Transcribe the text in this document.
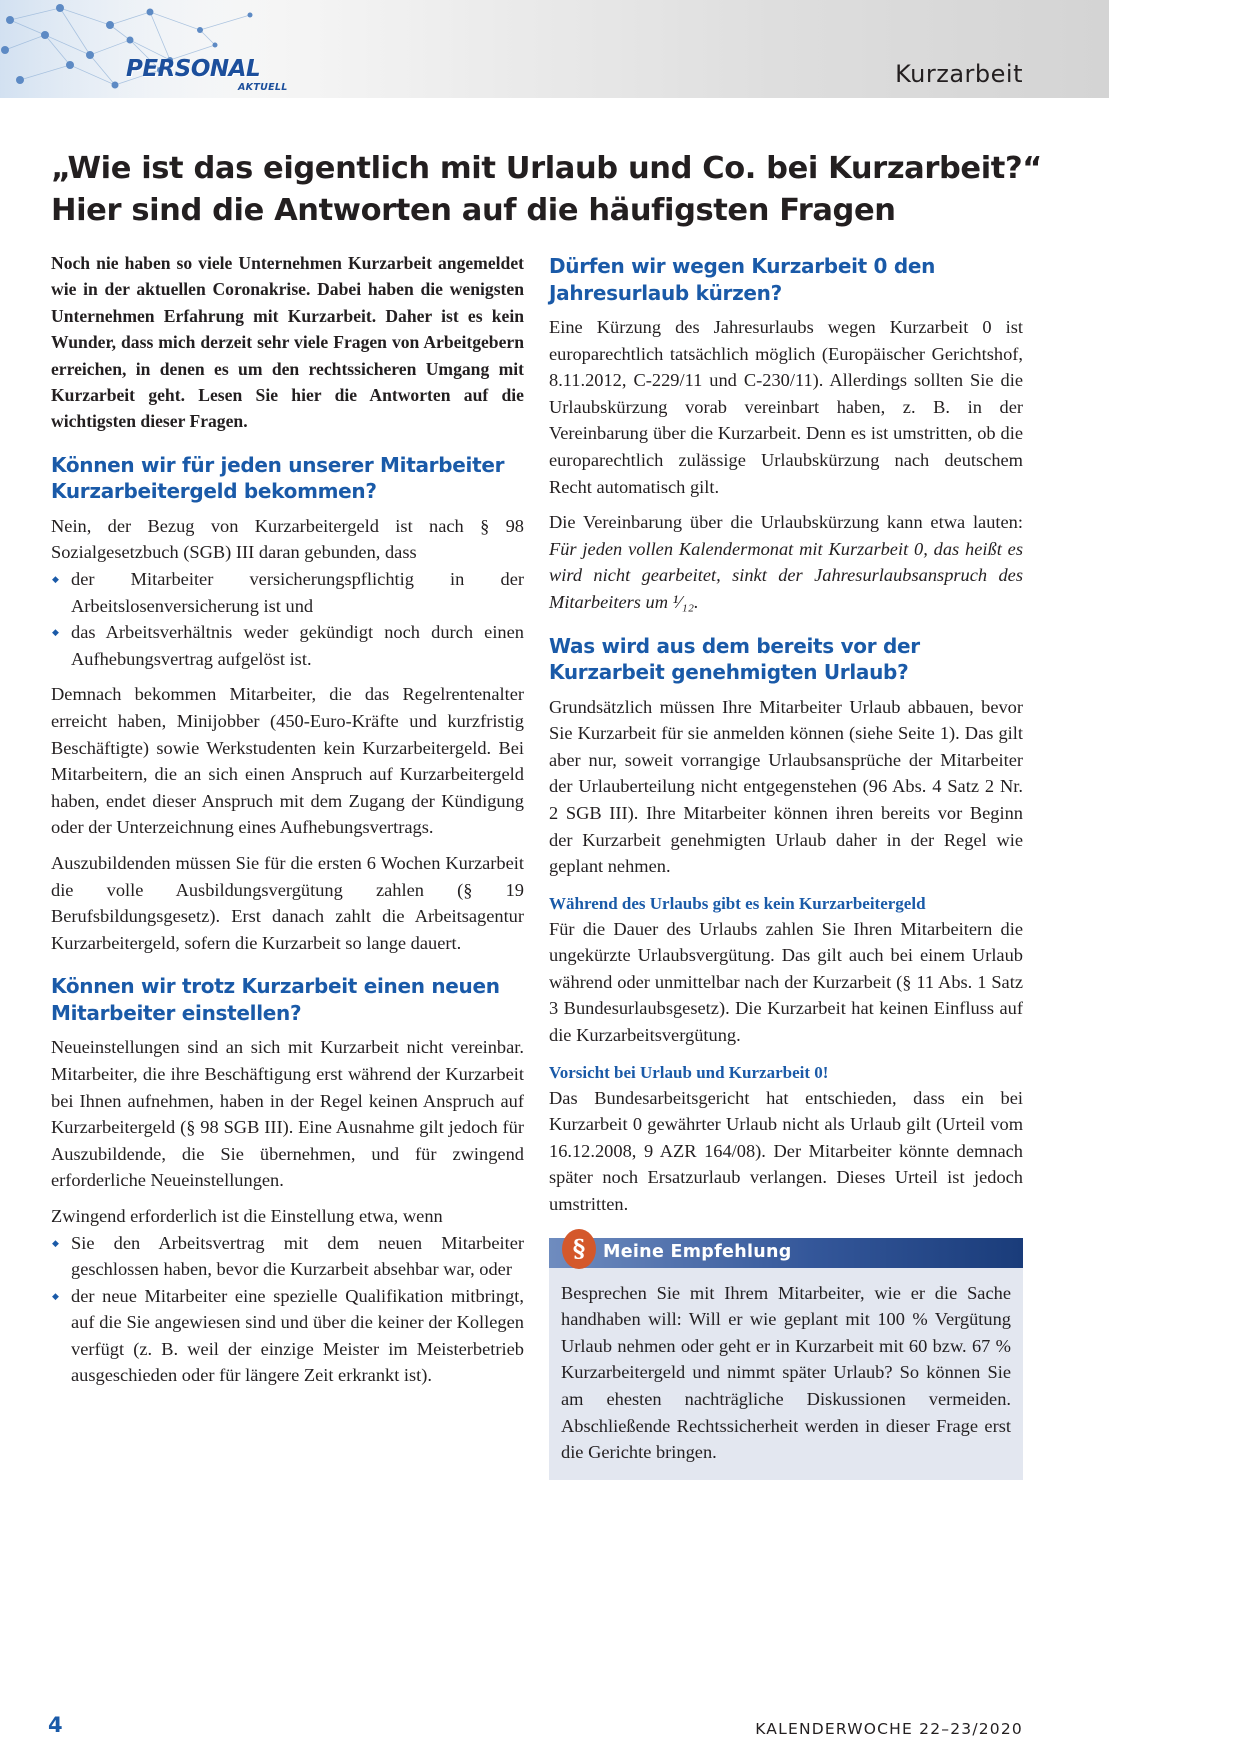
PERSONAL
AKTUELL	Kurzarbeit
„Wie ist das eigentlich mit Urlaub und Co. bei Kurzarbeit?“
Hier sind die Antworten auf die häufigsten Fragen

Noch nie haben so viele Unternehmen Kurzarbeit angemeldet wie in der aktuellen Coronakrise. Dabei haben die wenigsten Unternehmen Erfahrung mit Kurzarbeit. Daher ist es kein Wunder, dass mich derzeit sehr viele Fragen von Arbeitgebern erreichen, in denen es um den rechtssicheren Umgang mit Kurzarbeit geht. Lesen Sie hier die Antworten auf die wichtigsten dieser Fragen.

Können wir für jeden unserer Mitarbeiter Kurzarbeitergeld bekommen?

Nein, der Bezug von Kurzarbeitergeld ist nach § 98 Sozialgesetzbuch (SGB) III daran gebunden, dass

◆ der Mitarbeiter versicherungspflichtig in der Arbeitslosenversicherung ist und
◆ das Arbeitsverhältnis weder gekündigt noch durch einen Aufhebungsvertrag aufgelöst ist.

Demnach bekommen Mitarbeiter, die das Regelrentenalter erreicht haben, Minijobber (450-Euro-Kräfte und kurzfristig Beschäftigte) sowie Werkstudenten kein Kurzarbeitergeld. Bei Mitarbeitern, die an sich einen Anspruch auf Kurzarbeitergeld haben, endet dieser Anspruch mit dem Zugang der Kündigung oder der Unterzeichnung eines Aufhebungsvertrags.

Auszubildenden müssen Sie für die ersten 6 Wochen Kurzarbeit die volle Ausbildungsvergütung zahlen (§ 19 Berufsbildungsgesetz). Erst danach zahlt die Arbeitsagentur Kurzarbeitergeld, sofern die Kurzarbeit so lange dauert.

Können wir trotz Kurzarbeit einen neuen Mitarbeiter einstellen?

Neueinstellungen sind an sich mit Kurzarbeit nicht vereinbar. Mitarbeiter, die ihre Beschäftigung erst während der Kurzarbeit bei Ihnen aufnehmen, haben in der Regel keinen Anspruch auf Kurzarbeitergeld (§ 98 SGB III). Eine Ausnahme gilt jedoch für Auszubildende, die Sie übernehmen, und für zwingend erforderliche Neueinstellungen.

Zwingend erforderlich ist die Einstellung etwa, wenn

◆ Sie den Arbeitsvertrag mit dem neuen Mitarbeiter geschlossen haben, bevor die Kurzarbeit absehbar war, oder
◆ der neue Mitarbeiter eine spezielle Qualifikation mitbringt, auf die Sie angewiesen sind und über die keiner der Kollegen verfügt (z. B. weil der einzige Meister im Meisterbetrieb ausgeschieden oder für längere Zeit erkrankt ist).
Dürfen wir wegen Kurzarbeit 0 den Jahresurlaub kürzen?

Eine Kürzung des Jahresurlaubs wegen Kurzarbeit 0 ist europarechtlich tatsächlich möglich (Europäischer Gerichtshof, 8.11.2012, C-229/11 und C-230/11). Allerdings sollten Sie die Urlaubskürzung vorab vereinbart haben, z. B. in der Vereinbarung über die Kurzarbeit. Denn es ist umstritten, ob die europarechtlich zulässige Urlaubskürzung nach deutschem Recht automatisch gilt.

Die Vereinbarung über die Urlaubskürzung kann etwa lauten: Für jeden vollen Kalendermonat mit Kurzarbeit 0, das heißt es wird nicht gearbeitet, sinkt der Jahresurlaubsanspruch des Mitarbeiters um ¹⁄₁₂.

Was wird aus dem bereits vor der Kurzarbeit genehmigten Urlaub?

Grundsätzlich müssen Ihre Mitarbeiter Urlaub abbauen, bevor Sie Kurzarbeit für sie anmelden können (siehe Seite 1). Das gilt aber nur, soweit vorrangige Urlaubsansprüche der Mitarbeiter der Urlauberteilung nicht entgegenstehen (96 Abs. 4 Satz 2 Nr. 2 SGB III). Ihre Mitarbeiter können ihren bereits vor Beginn der Kurzarbeit genehmigten Urlaub daher in der Regel wie geplant nehmen.

Während des Urlaubs gibt es kein Kurzarbeitergeld

Für die Dauer des Urlaubs zahlen Sie Ihren Mitarbeitern die ungekürzte Urlaubsvergütung. Das gilt auch bei einem Urlaub während oder unmittelbar nach der Kurzarbeit (§ 11 Abs. 1 Satz 3 Bundesurlaubsgesetz). Die Kurzarbeit hat keinen Einfluss auf die Kurzarbeitsvergütung.

Vorsicht bei Urlaub und Kurzarbeit 0!

Das Bundesarbeitsgericht hat entschieden, dass ein bei Kurzarbeit 0 gewährter Urlaub nicht als Urlaub gilt (Urteil vom 16.12.2008, 9 AZR 164/08). Der Mitarbeiter könnte demnach später noch Ersatzurlaub verlangen. Dieses Urteil ist jedoch umstritten.

§	Meine Empfehlung

Besprechen Sie mit Ihrem Mitarbeiter, wie er die Sache handhaben will: Will er wie geplant mit 100 % Vergütung Urlaub nehmen oder geht er in Kurzarbeit mit 60 bzw. 67 % Kurzarbeitergeld und nimmt später Urlaub? So können Sie am ehesten nachträgliche Diskussionen vermeiden. Abschließende Rechtssicherheit werden in dieser Frage erst die Gerichte bringen.

4	KALENDERWOCHE 22–23/2020
